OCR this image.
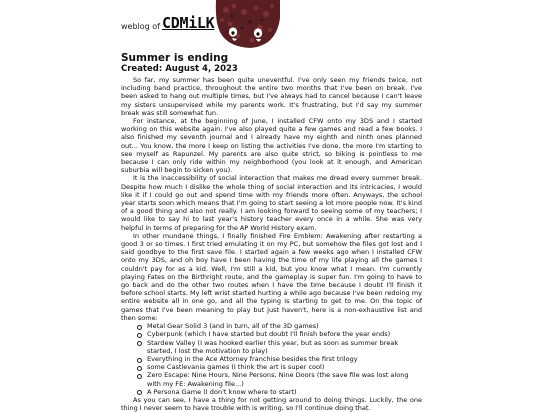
weblog of CDMiLK
Summer is ending
Created: August 4, 2023

So far, my summer has been quite uneventful. I've only seen my friends twice, not including band practice, throughout the entire two months that I've been on break. I've been asked to hang out multiple times, but I've always had to cancel because I can't leave my sisters unsupervised while my parents work. It's frustrating, but I'd say my summer break was still somewhat fun.

For instance, at the beginning of June, I installed CFW onto my 3DS and I started working on this website again. I've also played quite a few games and read a few books. I also finished my seventh journal and I already have my eighth and ninth ones planned out... You know, the more I keep on listing the activities I've done, the more I'm starting to see myself as Rapunzel. My parents are also quite strict, so biking is pointless to me because I can only ride within my neighborhood (you look at it enough, and American suburbia will begin to sicken you).

It is the inaccessibility of social interaction that makes me dread every summer break. Despite how much I dislike the whole thing of social interaction and its intricacies, I would like it if I could go out and spend time with my friends more often. Anyways, the school year starts soon which means that I'm going to start seeing a lot more people now. It's kind of a good thing and also not really. I am looking forward to seeing some of my teachers; I would like to say hi to last year's history teacher every once in a while. She was very helpful in terms of preparing for the AP World History exam.

In other mundane things, I finally finished Fire Emblem: Awakening after restarting a good 3 or so times. I first tried emulating it on my PC, but somehow the files got lost and I said goodbye to the first save file. I started again a few weeks ago when I installed CFW onto my 3DS, and oh boy have I been having the time of my life playing all the games I couldn't pay for as a kid. Well, I'm still a kid, but you know what I mean. I'm currently playing Fates on the Birthright route, and the gameplay is super fun. I'm going to have to go back and do the other two routes when I have the time because I doubt I'll finish it before school starts. My left wrist started hurting a while ago because I've been redoing my entire website all in one go, and all the typing is starting to get to me. On the topic of games that I've been meaning to play but just haven't, here is a non-exhaustive list and then some:

Metal Gear Solid 3 (and in turn, all of the 3D games)
Cyberpunk (which I have started but doubt I'll finish before the year ends)
Stardew Valley (I was hooked earlier this year, but as soon as summer break started, I lost the motivation to play)
Everything in the Ace Attorney franchise besides the first trilogy
some Castlevania games (I think the art is super cool)
Zero Escape: Nine Hours, Nine Persons, Nine Doors (the save file was lost along with my FE: Awakening file...)
A Persona Game (I don't know where to start)

As you can see, I have a thing for not getting around to doing things. Luckily, the one thing I never seem to have trouble with is writing, so I'll continue doing that.
